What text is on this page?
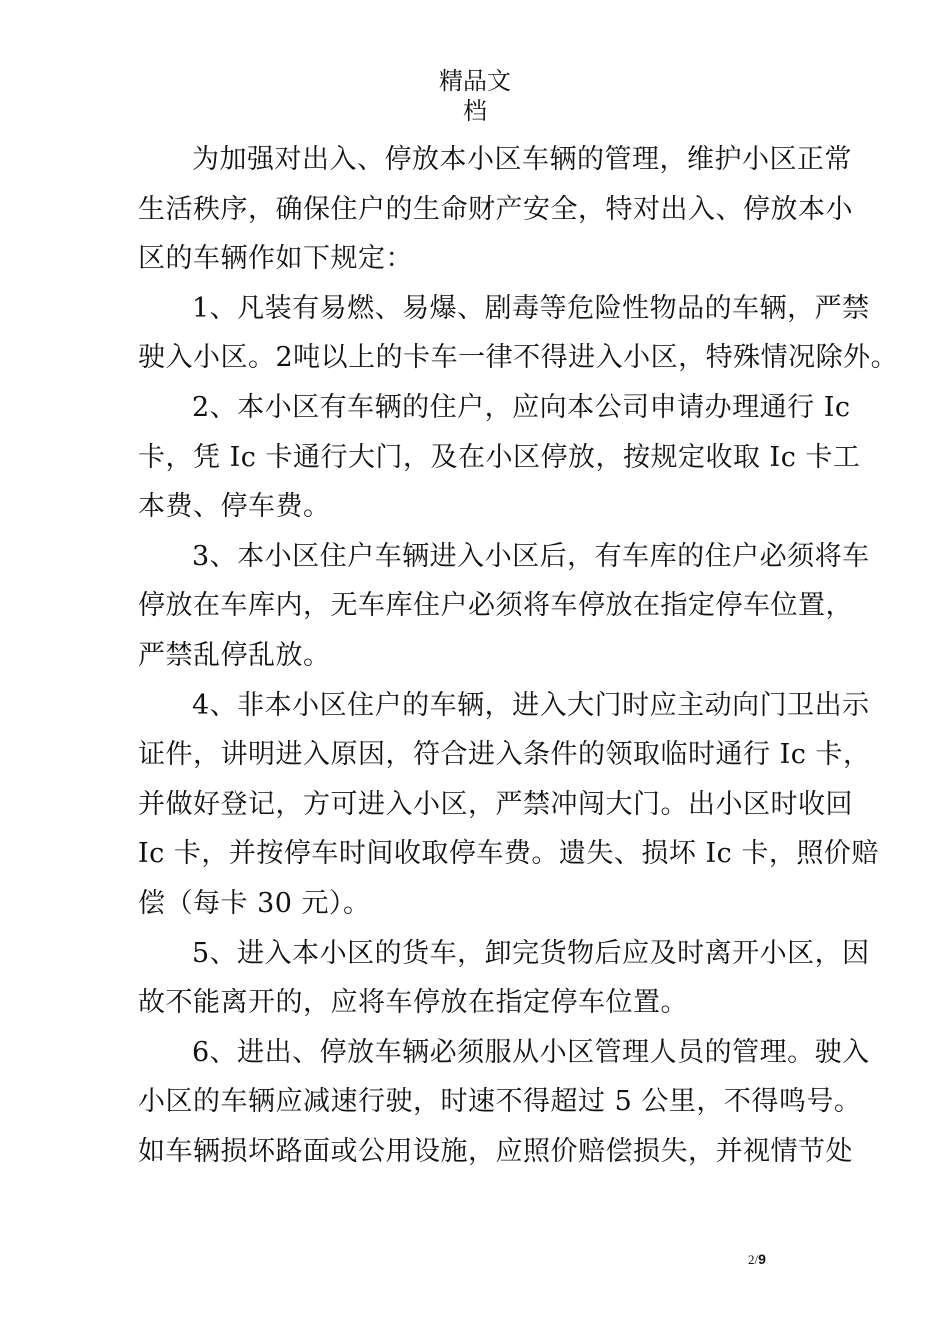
精品文
档
为加强对出入、停放本小区车辆的管理，维护小区正常
生活秩序，确保住户的生命财产安全，特对出入、停放本小
区的车辆作如下规定：
1、凡装有易燃、易爆、剧毒等危险性物品的车辆，严禁
驶入小区。2吨以上的卡车一律不得进入小区，特殊情况除外。
2、本小区有车辆的住户，应向本公司申请办理通行 Ic
卡，凭 Ic 卡通行大门，及在小区停放，按规定收取 Ic 卡工
本费、停车费。
3、本小区住户车辆进入小区后，有车库的住户必须将车
停放在车库内，无车库住户必须将车停放在指定停车位置，
严禁乱停乱放。
4、非本小区住户的车辆，进入大门时应主动向门卫出示
证件，讲明进入原因，符合进入条件的领取临时通行 Ic 卡，
并做好登记，方可进入小区，严禁冲闯大门。出小区时收回
Ic 卡，并按停车时间收取停车费。遗失、损坏 Ic 卡，照价赔
偿（每卡 30 元）。
5、进入本小区的货车，卸完货物后应及时离开小区，因
故不能离开的，应将车停放在指定停车位置。
6、进出、停放车辆必须服从小区管理人员的管理。驶入
小区的车辆应减速行驶，时速不得超过 5 公里，不得鸣号。
如车辆损坏路面或公用设施，应照价赔偿损失，并视情节处
2/9
